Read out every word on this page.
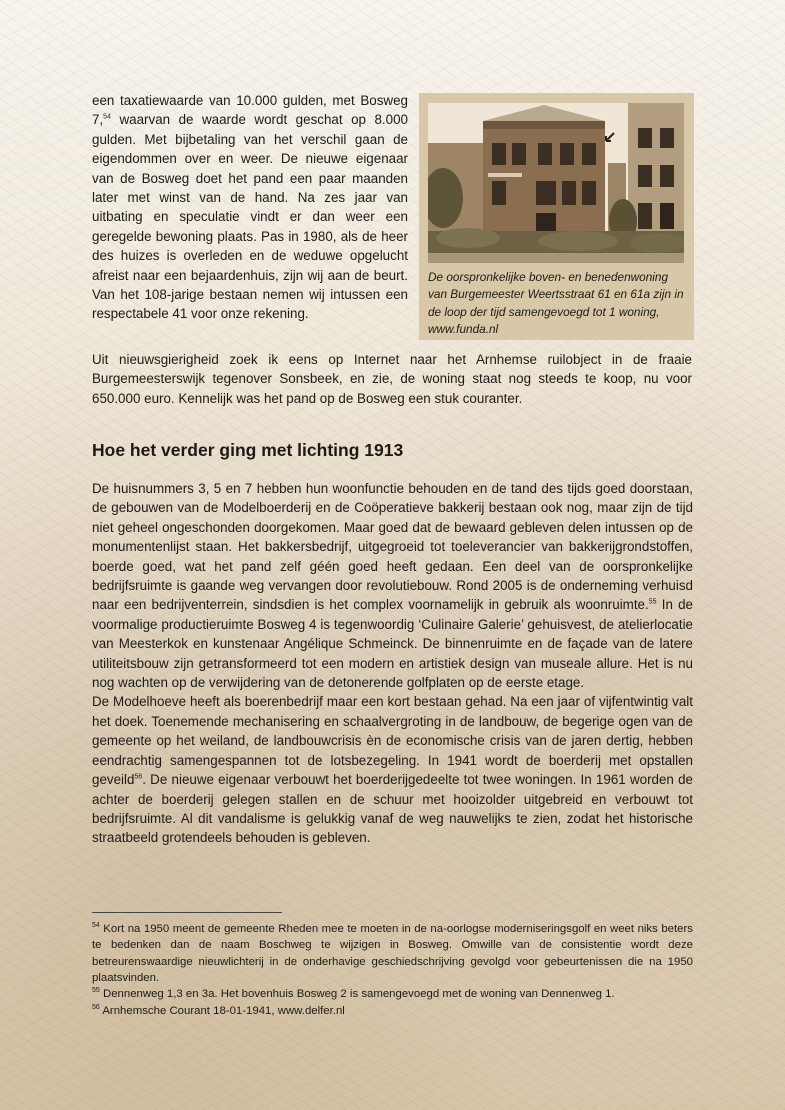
een taxatiewaarde van 10.000 gulden, met Bosweg 7,54 waarvan de waarde wordt geschat op 8.000 gulden. Met bijbetaling van het verschil gaan de eigendommen over en weer. De nieuwe eigenaar van de Bosweg doet het pand een paar maanden later met winst van de hand. Na zes jaar van uitbating en speculatie vindt er dan weer een geregelde bewoning plaats. Pas in 1980, als de heer des huizes is overleden en de weduwe opgelucht afreist naar een bejaardenhuis, zijn wij aan de beurt. Van het 108-jarige bestaan nemen wij intussen een respectabele 41 voor onze rekening.

De oorspronkelijke boven- en benedenwoning van Burgemeester Weertsstraat 61 en 61a zijn in de loop der tijd samengevoegd tot 1 woning, www.funda.nl

Uit nieuwsgierigheid zoek ik eens op Internet naar het Arnhemse ruilobject in de fraaie Burgemeesterswijk tegenover Sonsbeek, en zie, de woning staat nog steeds te koop, nu voor 650.000 euro. Kennelijk was het pand op de Bosweg een stuk couranter.

Hoe het verder ging met lichting 1913

De huisnummers 3, 5 en 7 hebben hun woonfunctie behouden en de tand des tijds goed doorstaan, de gebouwen van de Modelboerderij en de Coöperatieve bakkerij bestaan ook nog, maar zijn de tijd niet geheel ongeschonden doorgekomen. Maar goed dat de bewaard gebleven delen intussen op de monumentenlijst staan. Het bakkersbedrijf, uitgegroeid tot toeleverancier van bakkerijgrondstoffen, boerde goed, wat het pand zelf géén goed heeft gedaan. Een deel van de oorspronkelijke bedrijfsruimte is gaande weg vervangen door revolutiebouw. Rond 2005 is de onderneming verhuisd naar een bedrijventerrein, sindsdien is het complex voornamelijk in gebruik als woonruimte.$^{55}$ In de voormalige productieruimte Bosweg 4 is tegenwoordig ‘Culinaire Galerie’ gehuisvest, de atelierlocatie van Meesterkok en kunstenaar Angélique Schmeinck. De binnenruimte en de façade van de latere utiliteitsbouw zijn getransformeerd tot een modern en artistiek design van museale allure. Het is nu nog wachten op de verwijdering van de detonerende golfplaten op de eerste etage.
De Modelhoeve heeft als boerenbedrijf maar een kort bestaan gehad. Na een jaar of vijfentwintig valt het doek. Toenemende mechanisering en schaalvergroting in de landbouw, de begerige ogen van de gemeente op het weiland, de landbouwcrisis èn de economische crisis van de jaren dertig, hebben eendrachtig samengespannen tot de lotsbezegeling. In 1941 wordt de boerderij met opstallen geveild$^{56}$. De nieuwe eigenaar verbouwt het boerderijgedeelte tot twee woningen. In 1961 worden de achter de boerderij gelegen stallen en de schuur met hooizolder uitgebreid en verbouwt tot bedrijfsruimte. Al dit vandalisme is gelukkig vanaf de weg nauwelijks te zien, zodat het historische straatbeeld grotendeels behouden is gebleven.

$^{54}$ Kort na 1950 meent de gemeente Rheden mee te moeten in de na-oorlogse moderniseringsgolf en weet niks beters te bedenken dan de naam Boschweg te wijzigen in Bosweg. Omwille van de consistentie wordt deze betreurenswaardige nieuwlichterij in de onderhavige geschiedschrijving gevolgd voor gebeurtenissen die na 1950 plaatsvinden.

$^{55}$ Dennenweg 1,3 en 3a. Het bovenhuis Bosweg 2 is samengevoegd met de woning van Dennenweg 1.

$^{56}$ Arnhemsche Courant 18-01-1941, www.delfer.nl
